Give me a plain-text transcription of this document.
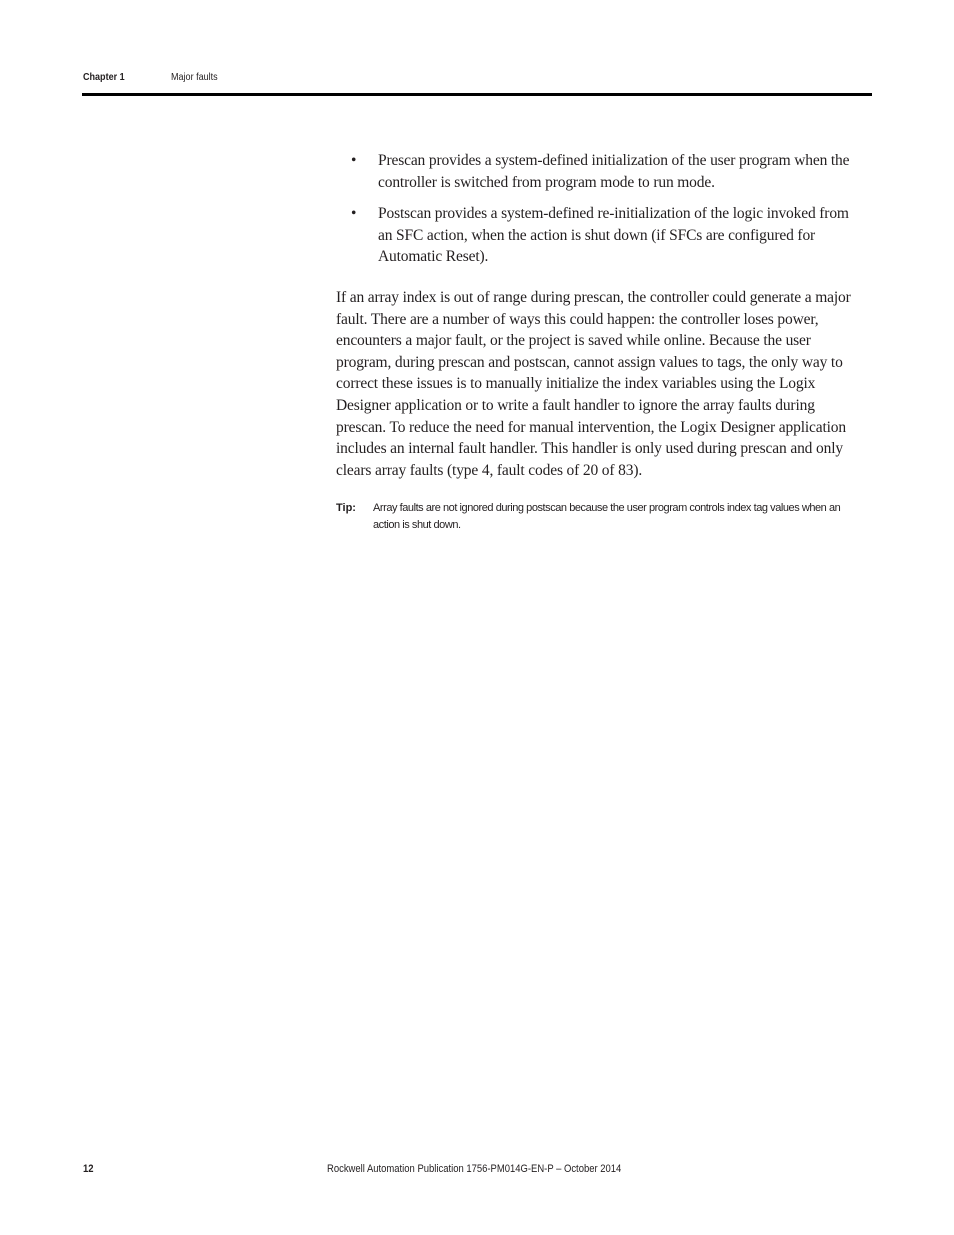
Chapter 1	Major faults
• Prescan provides a system-defined initialization of the user program when the controller is switched from program mode to run mode.
• Postscan provides a system-defined re-initialization of the logic invoked from an SFC action, when the action is shut down (if SFCs are configured for Automatic Reset).

If an array index is out of range during prescan, the controller could generate a major fault. There are a number of ways this could happen: the controller loses power, encounters a major fault, or the project is saved while online. Because the user program, during prescan and postscan, cannot assign values to tags, the only way to correct these issues is to manually initialize the index variables using the Logix Designer application or to write a fault handler to ignore the array faults during prescan. To reduce the need for manual intervention, the Logix Designer application includes an internal fault handler. This handler is only used during prescan and only clears array faults (type 4, fault codes of 20 of 83).

Tip: Array faults are not ignored during postscan because the user program controls index tag values when an action is shut down.
12	Rockwell Automation Publication 1756-PM014G-EN-P – October 2014
